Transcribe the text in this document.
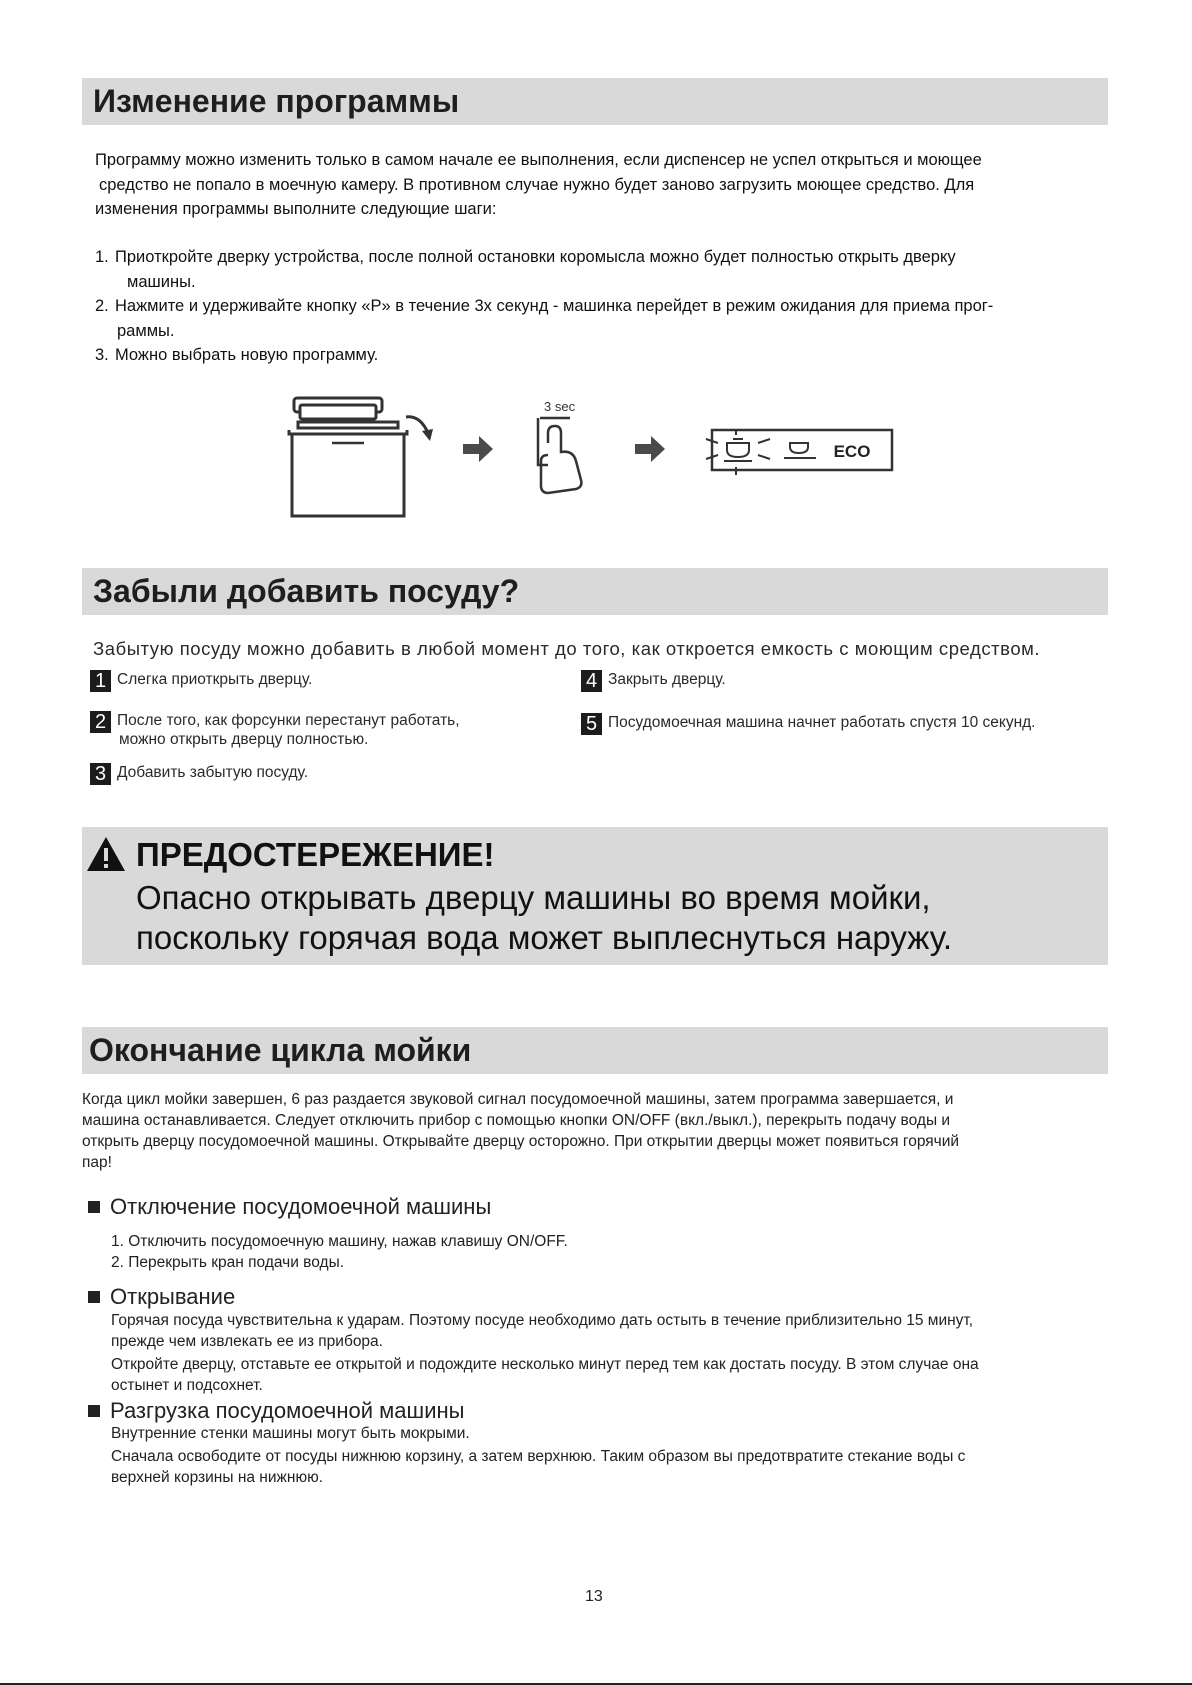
Изменение программы

Программу можно изменить только в самом начале ее выполнения, если диспенсер не успел открыться и моющее

средство не попало в моечную камеру. В противном случае нужно будет заново загрузить моющее средство. Для

изменения программы выполните следующие шаги:

1. Приоткройте дверку устройства, после полной остановки коромысла можно будет полностью открыть дверку
машины.
2. Нажмите и удерживайте кнопку «P» в течение 3х секунд - машинка перейдет в режим ожидания для приема прог-
раммы.
3. Можно выбрать новую программу.
3 sec
ECO
Забыли добавить посуду?
Забытую посуду можно добавить в любой момент до того, как откроется емкость с моющим средством.
1 Слегка приоткрыть дверцу.
2 После того, как форсунки перестанут работать,
можно открыть дверцу полностью.
3 Добавить забытую посуду.
4 Закрыть дверцу.
5 Посудомоечная машина начнет работать спустя 10 секунд.
ПРЕДОСТЕРЕЖЕНИЕ!
Опасно открывать дверцу машины во время мойки,
поскольку горячая вода может выплеснуться наружу.
Окончание цикла мойки
Когда цикл мойки завершен, 6 раз раздается звуковой сигнал посудомоечной машины, затем программа завершается, и
машина останавливается. Следует отключить прибор с помощью кнопки ON/OFF (вкл./выкл.), перекрыть подачу воды и
открыть дверцу посудомоечной машины. Открывайте дверцу осторожно. При открытии дверцы может появиться горячий
пар!
Отключение посудомоечной машины

1. Отключить посудомоечную машину, нажав клавишу ON/OFF.

2. Перекрыть кран подачи воды.

Открывание

Горячая посуда чувствительна к ударам. Поэтому посуде необходимо дать остыть в течение приблизительно 15 минут,

прежде чем извлекать ее из прибора.

Откройте дверцу, отставьте ее открытой и подождите несколько минут перед тем как достать посуду. В этом случае она

остынет и подсохнет.

Разгрузка посудомоечной машины

Внутренние стенки машины могут быть мокрыми.

Сначала освободите от посуды нижнюю корзину, а затем верхнюю. Таким образом вы предотвратите стекание воды с

верхней корзины на нижнюю.

13
